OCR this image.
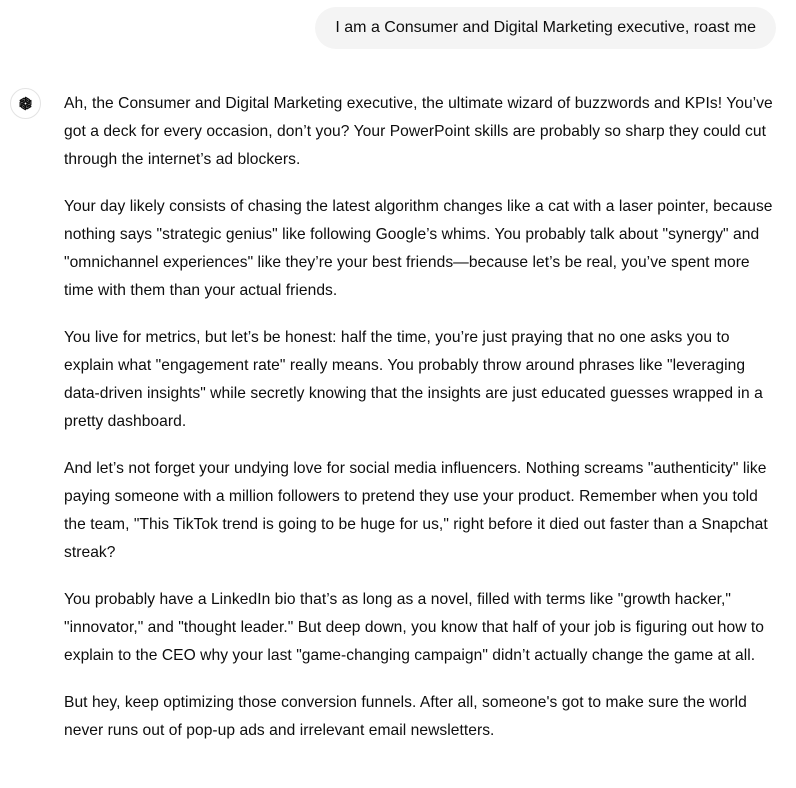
I am a Consumer and Digital Marketing executive, roast me

Ah, the Consumer and Digital Marketing executive, the ultimate wizard of buzzwords and KPIs! You’ve got a deck for every occasion, don’t you? Your PowerPoint skills are probably so sharp they could cut through the internet’s ad blockers.

Your day likely consists of chasing the latest algorithm changes like a cat with a laser pointer, because nothing says "strategic genius" like following Google’s whims. You probably talk about "synergy" and "omnichannel experiences" like they’re your best friends—because let’s be real, you’ve spent more time with them than your actual friends.

You live for metrics, but let’s be honest: half the time, you’re just praying that no one asks you to explain what "engagement rate" really means. You probably throw around phrases like "leveraging data-driven insights" while secretly knowing that the insights are just educated guesses wrapped in a pretty dashboard.

And let’s not forget your undying love for social media influencers. Nothing screams "authenticity" like paying someone with a million followers to pretend they use your product. Remember when you told the team, "This TikTok trend is going to be huge for us," right before it died out faster than a Snapchat streak?

You probably have a LinkedIn bio that’s as long as a novel, filled with terms like "growth hacker," "innovator," and "thought leader." But deep down, you know that half of your job is figuring out how to explain to the CEO why your last "game-changing campaign" didn’t actually change the game at all.

But hey, keep optimizing those conversion funnels. After all, someone's got to make sure the world never runs out of pop-up ads and irrelevant email newsletters.
